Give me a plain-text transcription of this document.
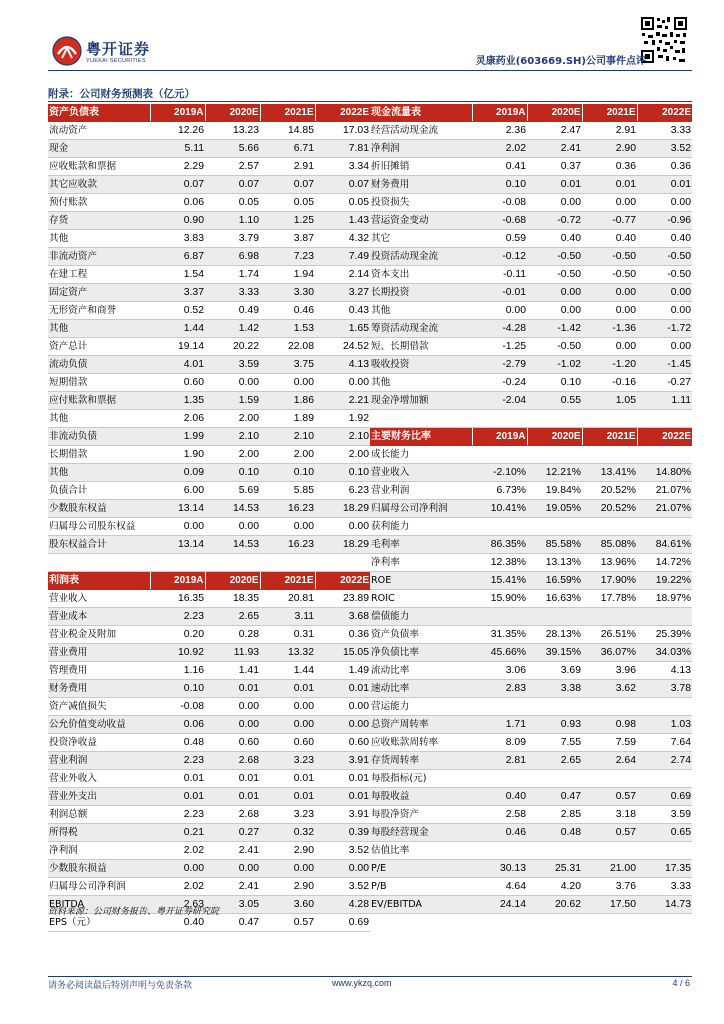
粤开证券
YUEKAI SECURITIES	灵康药业(603669.SH)公司事件点评
附录：公司财务预测表（亿元）
资产负债表	2019A	2020E	2021E	2022E
流动资产	12.26	13.23	14.85	17.03
现金	5.11	5.66	6.71	7.81
应收账款和票据	2.29	2.57	2.91	3.34
其它应收款	0.07	0.07	0.07	0.07
预付账款	0.06	0.05	0.05	0.05
存货	0.90	1.10	1.25	1.43
其他	3.83	3.79	3.87	4.32
非流动资产	6.87	6.98	7.23	7.49
在建工程	1.54	1.74	1.94	2.14
固定资产	3.37	3.33	3.30	3.27
无形资产和商誉	0.52	0.49	0.46	0.43
其他	1.44	1.42	1.53	1.65
资产总计	19.14	20.22	22.08	24.52
流动负债	4.01	3.59	3.75	4.13
短期借款	0.60	0.00	0.00	0.00
应付账款和票据	1.35	1.59	1.86	2.21
其他	2.06	2.00	1.89	1.92
非流动负债	1.99	2.10	2.10	2.10
长期借款	1.90	2.00	2.00	2.00
其他	0.09	0.10	0.10	0.10
负债合计	6.00	5.69	5.85	6.23
少数股东权益	13.14	14.53	16.23	18.29
归属母公司股东权益	0.00	0.00	0.00	0.00
股东权益合计	13.14	14.53	16.23	18.29

利润表	2019A	2020E	2021E	2022E
营业收入	16.35	18.35	20.81	23.89
营业成本	2.23	2.65	3.11	3.68
营业税金及附加	0.20	0.28	0.31	0.36
营业费用	10.92	11.93	13.32	15.05
管理费用	1.16	1.41	1.44	1.49
财务费用	0.10	0.01	0.01	0.01
资产减值损失	-0.08	0.00	0.00	0.00
公允价值变动收益	0.06	0.00	0.00	0.00
投资净收益	0.48	0.60	0.60	0.60
营业利润	2.23	2.68	3.23	3.91
营业外收入	0.01	0.01	0.01	0.01
营业外支出	0.01	0.01	0.01	0.01
利润总额	2.23	2.68	3.23	3.91
所得税	0.21	0.27	0.32	0.39
净利润	2.02	2.41	2.90	3.52
少数股东损益	0.00	0.00	0.00	0.00
归属母公司净利润	2.02	2.41	2.90	3.52
EBITDA	2.63	3.05	3.60	4.28
EPS（元）	0.40	0.47	0.57	0.69
现金流量表	2019A	2020E	2021E	2022E
经营活动现金流	2.36	2.47	2.91	3.33
净利润	2.02	2.41	2.90	3.52
折旧摊销	0.41	0.37	0.36	0.36
财务费用	0.10	0.01	0.01	0.01
投资损失	-0.08	0.00	0.00	0.00
营运资金变动	-0.68	-0.72	-0.77	-0.96
其它	0.59	0.40	0.40	0.40
投资活动现金流	-0.12	-0.50	-0.50	-0.50
资本支出	-0.11	-0.50	-0.50	-0.50
长期投资	-0.01	0.00	0.00	0.00
其他	0.00	0.00	0.00	0.00
筹资活动现金流	-4.28	-1.42	-1.36	-1.72
短、长期借款	-1.25	-0.50	0.00	0.00
吸收投资	-2.79	-1.02	-1.20	-1.45
其他	-0.24	0.10	-0.16	-0.27
现金净增加额	-2.04	0.55	1.05	1.11

主要财务比率	2019A	2020E	2021E	2022E
成长能力				
营业收入	-2.10%	12.21%	13.41%	14.80%
营业利润	6.73%	19.84%	20.52%	21.07%
归属母公司净利润	10.41%	19.05%	20.52%	21.07%
获利能力				
毛利率	86.35%	85.58%	85.08%	84.61%
净利率	12.38%	13.13%	13.96%	14.72%
ROE	15.41%	16.59%	17.90%	19.22%
ROIC	15.90%	16.63%	17.78%	18.97%
偿债能力				
资产负债率	31.35%	28.13%	26.51%	25.39%
净负债比率	45.66%	39.15%	36.07%	34.03%
流动比率	3.06	3.69	3.96	4.13
速动比率	2.83	3.38	3.62	3.78
营运能力				
总资产周转率	1.71	0.93	0.98	1.03
应收账款周转率	8.09	7.55	7.59	7.64
存货周转率	2.81	2.65	2.64	2.74
每股指标(元)				
每股收益	0.40	0.47	0.57	0.69
每股净资产	2.58	2.85	3.18	3.59
每股经营现金	0.46	0.48	0.57	0.65
估值比率				
P/E	30.13	25.31	21.00	17.35
P/B	4.64	4.20	3.76	3.33
EV/EBITDA	24.14	20.62	17.50	14.73
资料来源：公司财务报告、粤开证券研究院
请务必阅读最后特别声明与免责条款	www.ykzq.com	4 / 6
